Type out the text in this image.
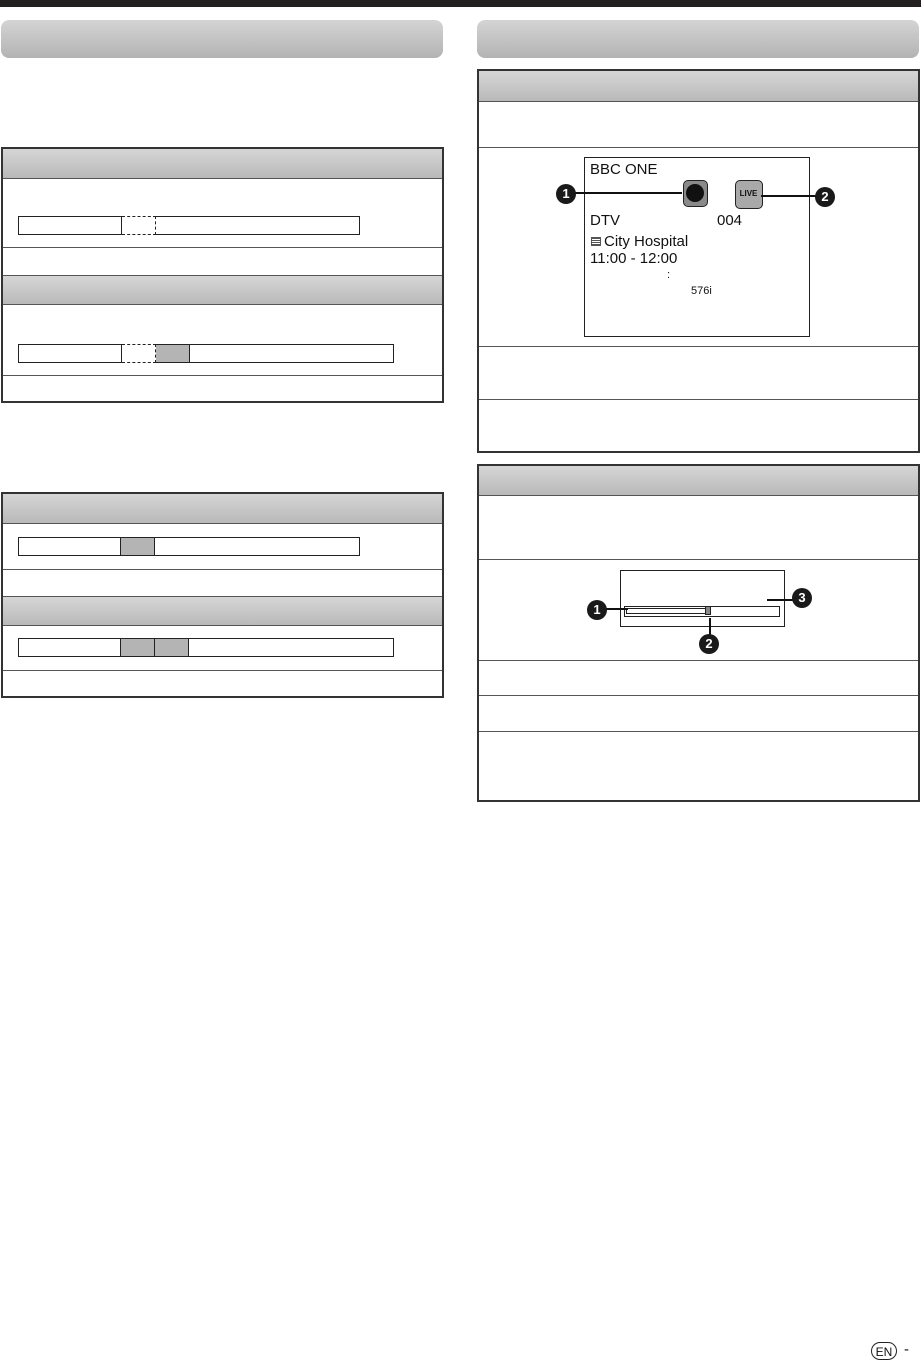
BBC ONE
LIVE
DTV	004
City Hospital
11:00 - 12:00
:
576i
1	2
1
2
3
EN -
